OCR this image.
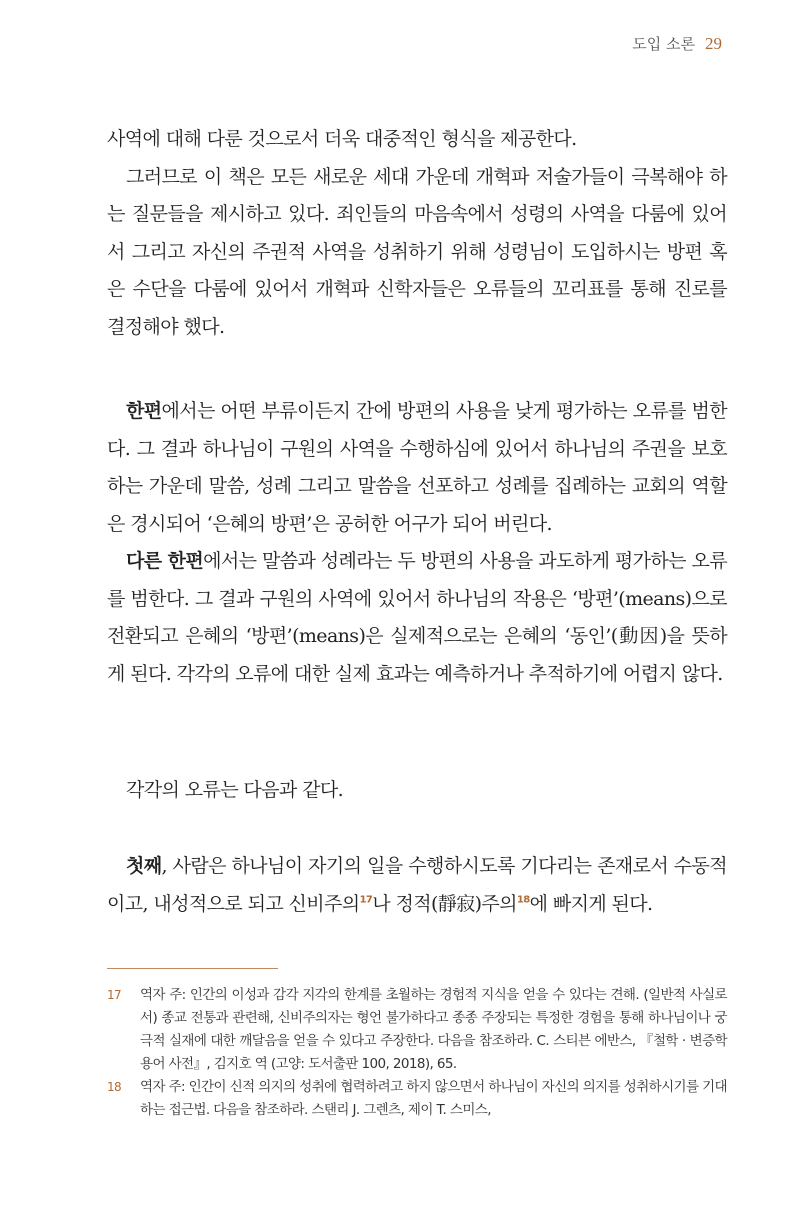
도입 소론 29

사역에 대해 다룬 것으로서 더욱 대중적인 형식을 제공한다.

그러므로 이 책은 모든 새로운 세대 가운데 개혁파 저술가들이 극복해야 하는 질문들을 제시하고 있다. 죄인들의 마음속에서 성령의 사역을 다룸에 있어서 그리고 자신의 주권적 사역을 성취하기 위해 성령님이 도입하시는 방편 혹은 수단을 다룸에 있어서 개혁파 신학자들은 오류들의 꼬리표를 통해 진로를 결정해야 했다.

한편에서는 어떤 부류이든지 간에 방편의 사용을 낮게 평가하는 오류를 범한다. 그 결과 하나님이 구원의 사역을 수행하심에 있어서 하나님의 주권을 보호하는 가운데 말씀, 성례 그리고 말씀을 선포하고 성례를 집례하는 교회의 역할은 경시되어 ‘은혜의 방편’은 공허한 어구가 되어 버린다.

다른 한편에서는 말씀과 성례라는 두 방편의 사용을 과도하게 평가하는 오류를 범한다. 그 결과 구원의 사역에 있어서 하나님의 작용은 ‘방편’(means)으로 전환되고 은혜의 ‘방편’(means)은 실제적으로는 은혜의 ‘동인’(動因)을 뜻하게 된다. 각각의 오류에 대한 실제 효과는 예측하거나 추적하기에 어렵지 않다.

각각의 오류는 다음과 같다.

첫째, 사람은 하나님이 자기의 일을 수행하시도록 기다리는 존재로서 수동적이고, 내성적으로 되고 신비주의$^{17}$나 정적(靜寂)주의$^{18}$에 빠지게 된다.

17	역자 주: 인간의 이성과 감각 지각의 한계를 초월하는 경험적 지식을 얻을 수 있다는 견해. (일반적 사실로서) 종교 전통과 관련해, 신비주의자는 형언 불가하다고 종종 주장되는 특정한 경험을 통해 하나님이나 궁극적 실재에 대한 깨달음을 얻을 수 있다고 주장한다. 다음을 참조하라. C. 스티븐 에반스, 『철학 · 변증학 용어 사전』, 김지호 역 (고양: 도서출판 100, 2018), 65.
18	역자 주: 인간이 신적 의지의 성취에 협력하려고 하지 않으면서 하나님이 자신의 의지를 성취하시기를 기대하는 접근법. 다음을 참조하라. 스탠리 J. 그렌츠, 제이 T. 스미스,
